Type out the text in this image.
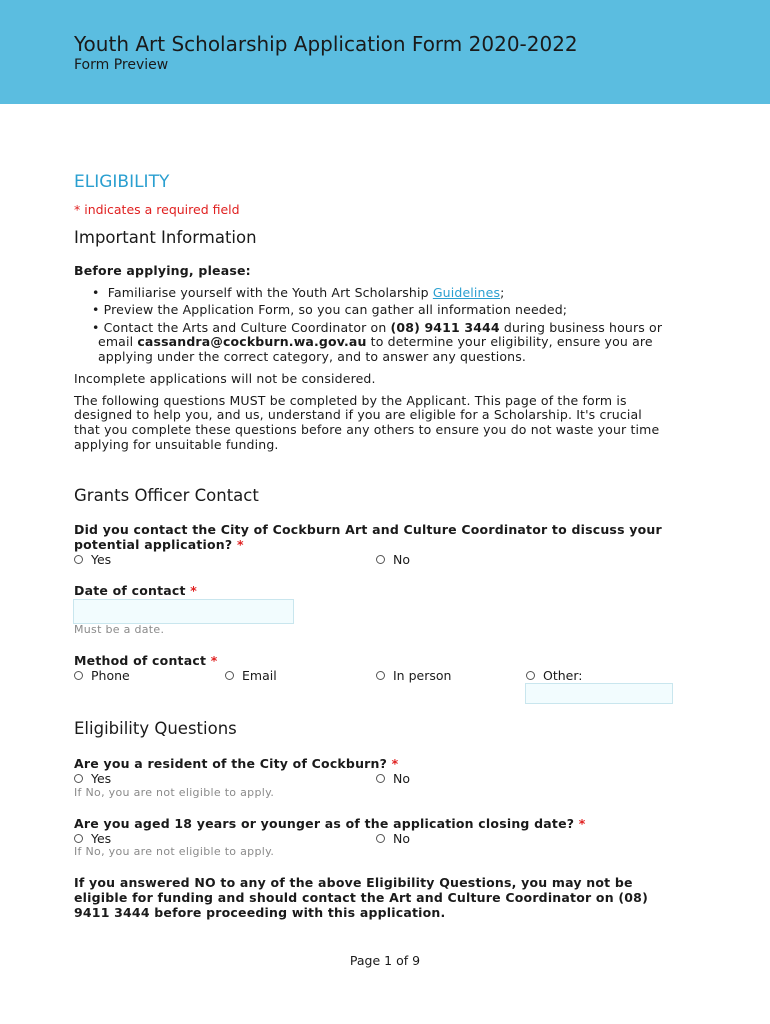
Youth Art Scholarship Application Form 2020-2022
Form Preview
ELIGIBILITY
* indicates a required field
Important Information
Before applying, please:
•  Familiarise yourself with the Youth Art Scholarship Guidelines;
• Preview the Application Form, so you can gather all information needed;
• Contact the Arts and Culture Coordinator on (08) 9411 3444 during business hours or
email cassandra@cockburn.wa.gov.au to determine your eligibility, ensure you are
applying under the correct category, and to answer any questions.
Incomplete applications will not be considered.
The following questions MUST be completed by the Applicant. This page of the form is
designed to help you, and us, understand if you are eligible for a Scholarship. It's crucial
that you complete these questions before any others to ensure you do not waste your time
applying for unsuitable funding.
Grants Officer Contact
Did you contact the City of Cockburn Art and Culture Coordinator to discuss your
potential application? *
Yes	No
Date of contact *
Must be a date.
Method of contact *
Phone	Email	In person	Other:
Eligibility Questions
Are you a resident of the City of Cockburn? *
Yes	No
If No, you are not eligible to apply.
Are you aged 18 years or younger as of the application closing date? *
Yes	No
If No, you are not eligible to apply.
If you answered NO to any of the above Eligibility Questions, you may not be
eligible for funding and should contact the Art and Culture Coordinator on (08)
9411 3444 before proceeding with this application.
Page 1 of 9
